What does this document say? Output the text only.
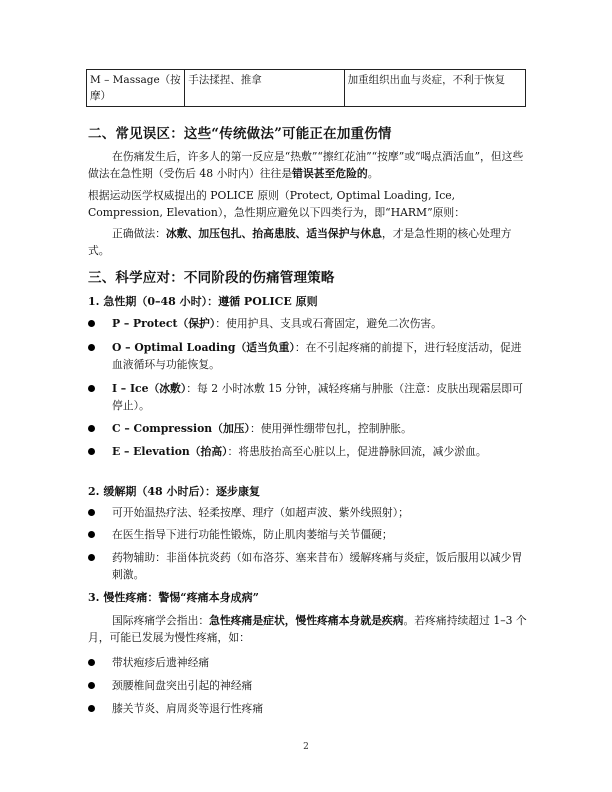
M – Massage（按摩）	手法揉捏、推拿	加重组织出血与炎症，不利于恢复
二、常见误区：这些“传统做法”可能正在加重伤情
在伤痛发生后，许多人的第一反应是“热敷”“擦红花油”“按摩”或“喝点酒活血”，但这些做法在急性期（受伤后 48 小时内）往往是错误甚至危险的。
根据运动医学权威提出的 POLICE 原则（Protect, Optimal Loading, Ice, Compression, Elevation），急性期应避免以下四类行为，即“HARM”原则：
正确做法：冰敷、加压包扎、抬高患肢、适当保护与休息，才是急性期的核心处理方式。
三、科学应对：不同阶段的伤痛管理策略
1. 急性期（0–48 小时）：遵循 POLICE 原则
P – Protect（保护）：使用护具、支具或石膏固定，避免二次伤害。
O – Optimal Loading（适当负重）：在不引起疼痛的前提下，进行轻度活动，促进血液循环与功能恢复。
I – Ice（冰敷）：每 2 小时冰敷 15 分钟，减轻疼痛与肿胀（注意：皮肤出现霜层即可停止）。
C – Compression（加压）：使用弹性绷带包扎，控制肿胀。
E – Elevation（抬高）：将患肢抬高至心脏以上，促进静脉回流，减少淤血。
2. 缓解期（48 小时后）：逐步康复
可开始温热疗法、轻柔按摩、理疗（如超声波、紫外线照射）；
在医生指导下进行功能性锻炼，防止肌肉萎缩与关节僵硬；
药物辅助：非甾体抗炎药（如布洛芬、塞来昔布）缓解疼痛与炎症，饭后服用以减少胃刺激。
3. 慢性疼痛：警惕“疼痛本身成病”
国际疼痛学会指出：急性疼痛是症状，慢性疼痛本身就是疾病。若疼痛持续超过 1–3 个月，可能已发展为慢性疼痛，如：
带状疱疹后遗神经痛
颈腰椎间盘突出引起的神经痛
膝关节炎、肩周炎等退行性疼痛
2
